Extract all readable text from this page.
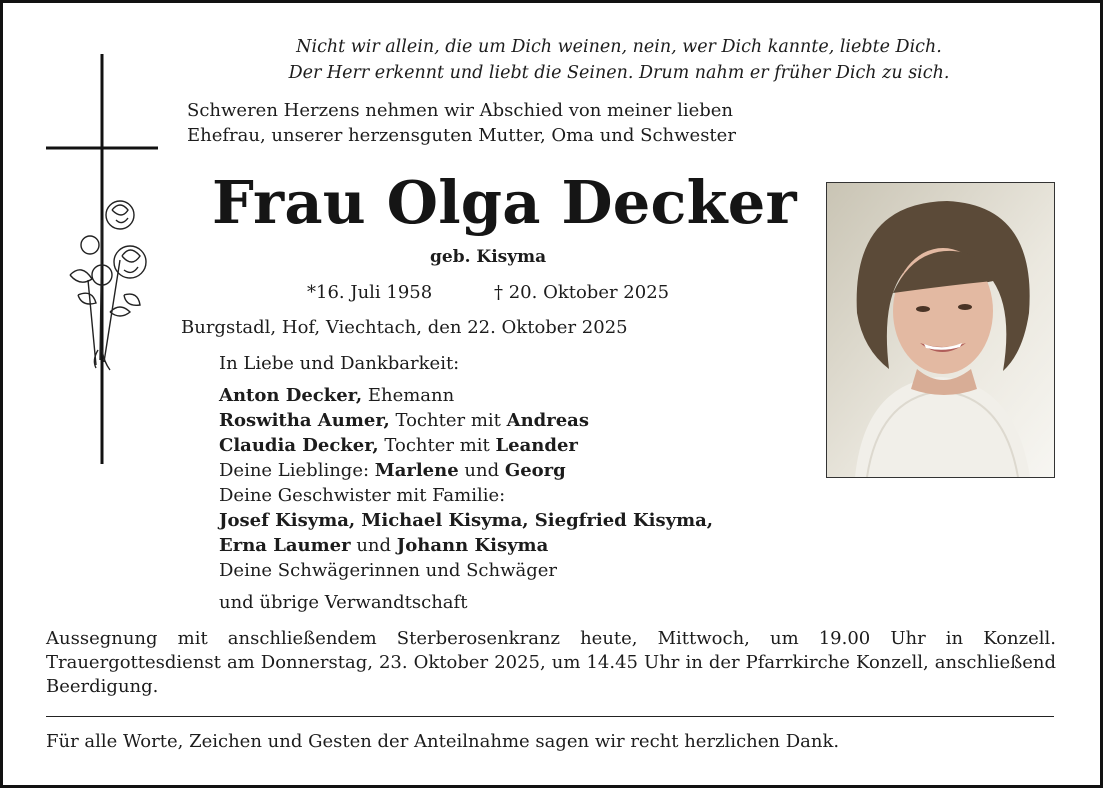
Nicht wir allein, die um Dich weinen, nein, wer Dich kannte, liebte Dich.
Der Herr erkennt und liebt die Seinen. Drum nahm er früher Dich zu sich.
Schweren Herzens nehmen wir Abschied von meiner lieben
Ehefrau, unserer herzensguten Mutter, Oma und Schwester
Frau Olga Decker
geb. Kisyma
*16. Juli 1958	† 20. Oktober 2025
Burgstadl, Hof, Viechtach, den 22. Oktober 2025
In Liebe und Dankbarkeit:
Anton Decker, Ehemann
Roswitha Aumer, Tochter mit Andreas
Claudia Decker, Tochter mit Leander
Deine Lieblinge: Marlene und Georg
Deine Geschwister mit Familie:
Josef Kisyma, Michael Kisyma, Siegfried Kisyma,
Erna Laumer und Johann Kisyma
Deine Schwägerinnen und Schwäger
und übrige Verwandtschaft
Aussegnung mit anschließendem Sterberosenkranz heute, Mittwoch, um 19.00 Uhr in Konzell. Trauergottesdienst am Donnerstag, 23. Oktober 2025, um 14.45 Uhr in der Pfarrkirche Konzell, anschließend Beerdigung.
Für alle Worte, Zeichen und Gesten der Anteilnahme sagen wir recht herzlichen Dank.
